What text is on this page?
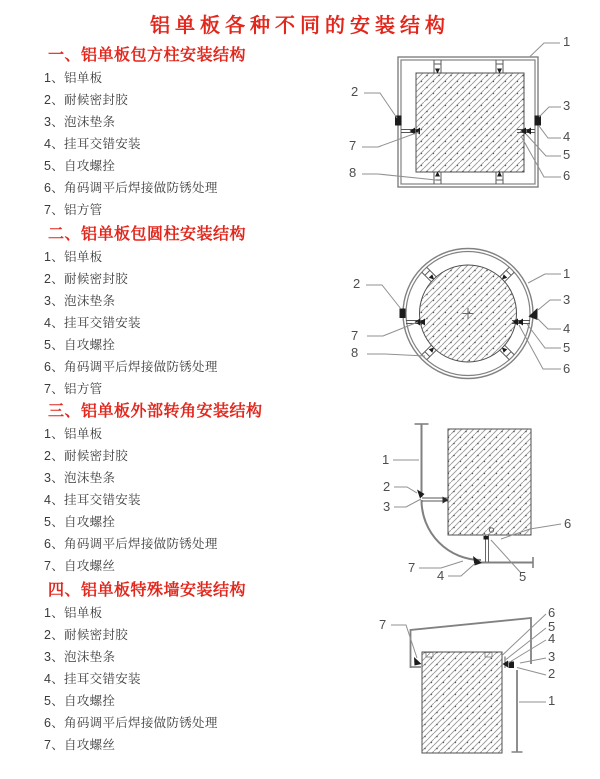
铝单板各种不同的安装结构
一、铝单板包方柱安装结构
1、铝单板
2、耐候密封胶
3、泡沫垫条
4、挂耳交错安装
5、自攻螺拴
6、角码调平后焊接做防锈处理
7、铝方管
二、铝单板包圆柱安装结构
1、铝单板
2、耐候密封胶
3、泡沫垫条
4、挂耳交错安装
5、自攻螺拴
6、角码调平后焊接做防锈处理
7、铝方管
三、铝单板外部转角安装结构
1、铝单板
2、耐候密封胶
3、泡沫垫条
4、挂耳交错安装
5、自攻螺拴
6、角码调平后焊接做防锈处理
7、自攻螺丝
四、铝单板特殊墙安装结构
1、铝单板
2、耐候密封胶
3、泡沫垫条
4、挂耳交错安装
5、自攻螺拴
6、角码调平后焊接做防锈处理
7、自攻螺丝
1
2
3
4
5
6
7
8
1
2
3
4
5
6
7
8
1
2
3
4	5
6
7
7
6
5
4
3
2
1
